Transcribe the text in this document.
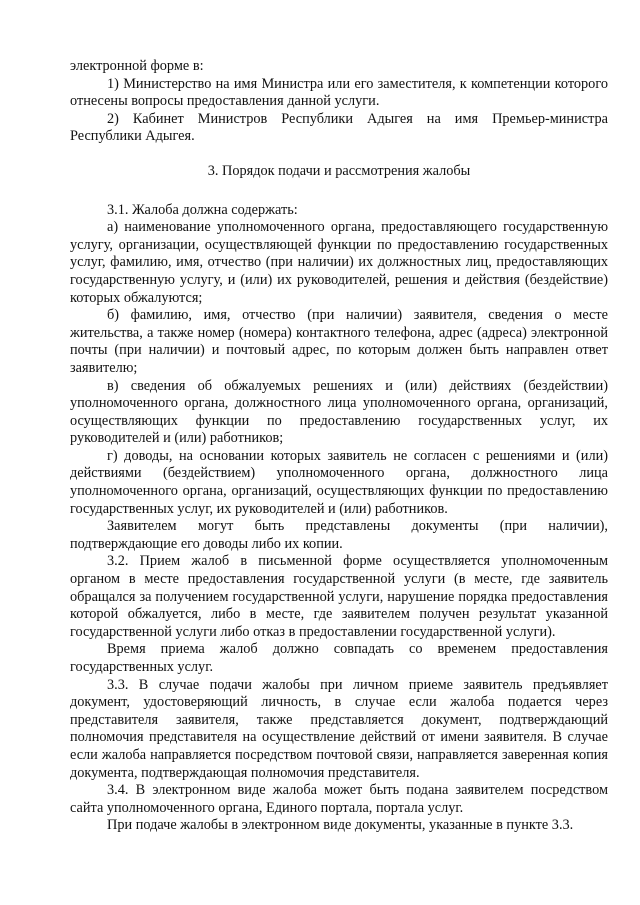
электронной форме в:

1) Министерство на имя Министра или его заместителя, к компетенции которого отнесены вопросы предоставления данной услуги.

2) Кабинет Министров Республики Адыгея на имя Премьер-министра Республики Адыгея.

3. Порядок подачи и рассмотрения жалобы

3.1. Жалоба должна содержать:

а) наименование уполномоченного органа, предоставляющего государственную услугу, организации, осуществляющей функции по предоставлению государственных услуг, фамилию, имя, отчество (при наличии) их должностных лиц, предоставляющих государственную услугу, и (или) их руководителей, решения и действия (бездействие) которых обжалуются;

б) фамилию, имя, отчество (при наличии) заявителя, сведения о месте жительства, а также номер (номера) контактного телефона, адрес (адреса) электронной почты (при наличии) и почтовый адрес, по которым должен быть направлен ответ заявителю;

в) сведения об обжалуемых решениях и (или) действиях (бездействии) уполномоченного органа, должностного лица уполномоченного органа, организаций, осуществляющих функции по предоставлению государственных услуг, их руководителей и (или) работников;

г) доводы, на основании которых заявитель не согласен с решениями и (или) действиями (бездействием) уполномоченного органа, должностного лица уполномоченного органа, организаций, осуществляющих функции по предоставлению государственных услуг, их руководителей и (или) работников.

Заявителем могут быть представлены документы (при наличии), подтверждающие его доводы либо их копии.

3.2. Прием жалоб в письменной форме осуществляется уполномоченным органом в месте предоставления государственной услуги (в месте, где заявитель обращался за получением государственной услуги, нарушение порядка предоставления которой обжалуется, либо в месте, где заявителем получен результат указанной государственной услуги либо отказ в предоставлении государственной услуги).

Время приема жалоб должно совпадать со временем предоставления государственных услуг.

3.3. В случае подачи жалобы при личном приеме заявитель предъявляет документ, удостоверяющий личность, в случае если жалоба подается через представителя заявителя, также представляется документ, подтверждающий полномочия представителя на осуществление действий от имени заявителя. В случае если жалоба направляется посредством почтовой связи, направляется заверенная копия документа, подтверждающая полномочия представителя.

3.4. В электронном виде жалоба может быть подана заявителем посредством сайта уполномоченного органа, Единого портала, портала услуг.

При подаче жалобы в электронном виде документы, указанные в пункте 3.3.
